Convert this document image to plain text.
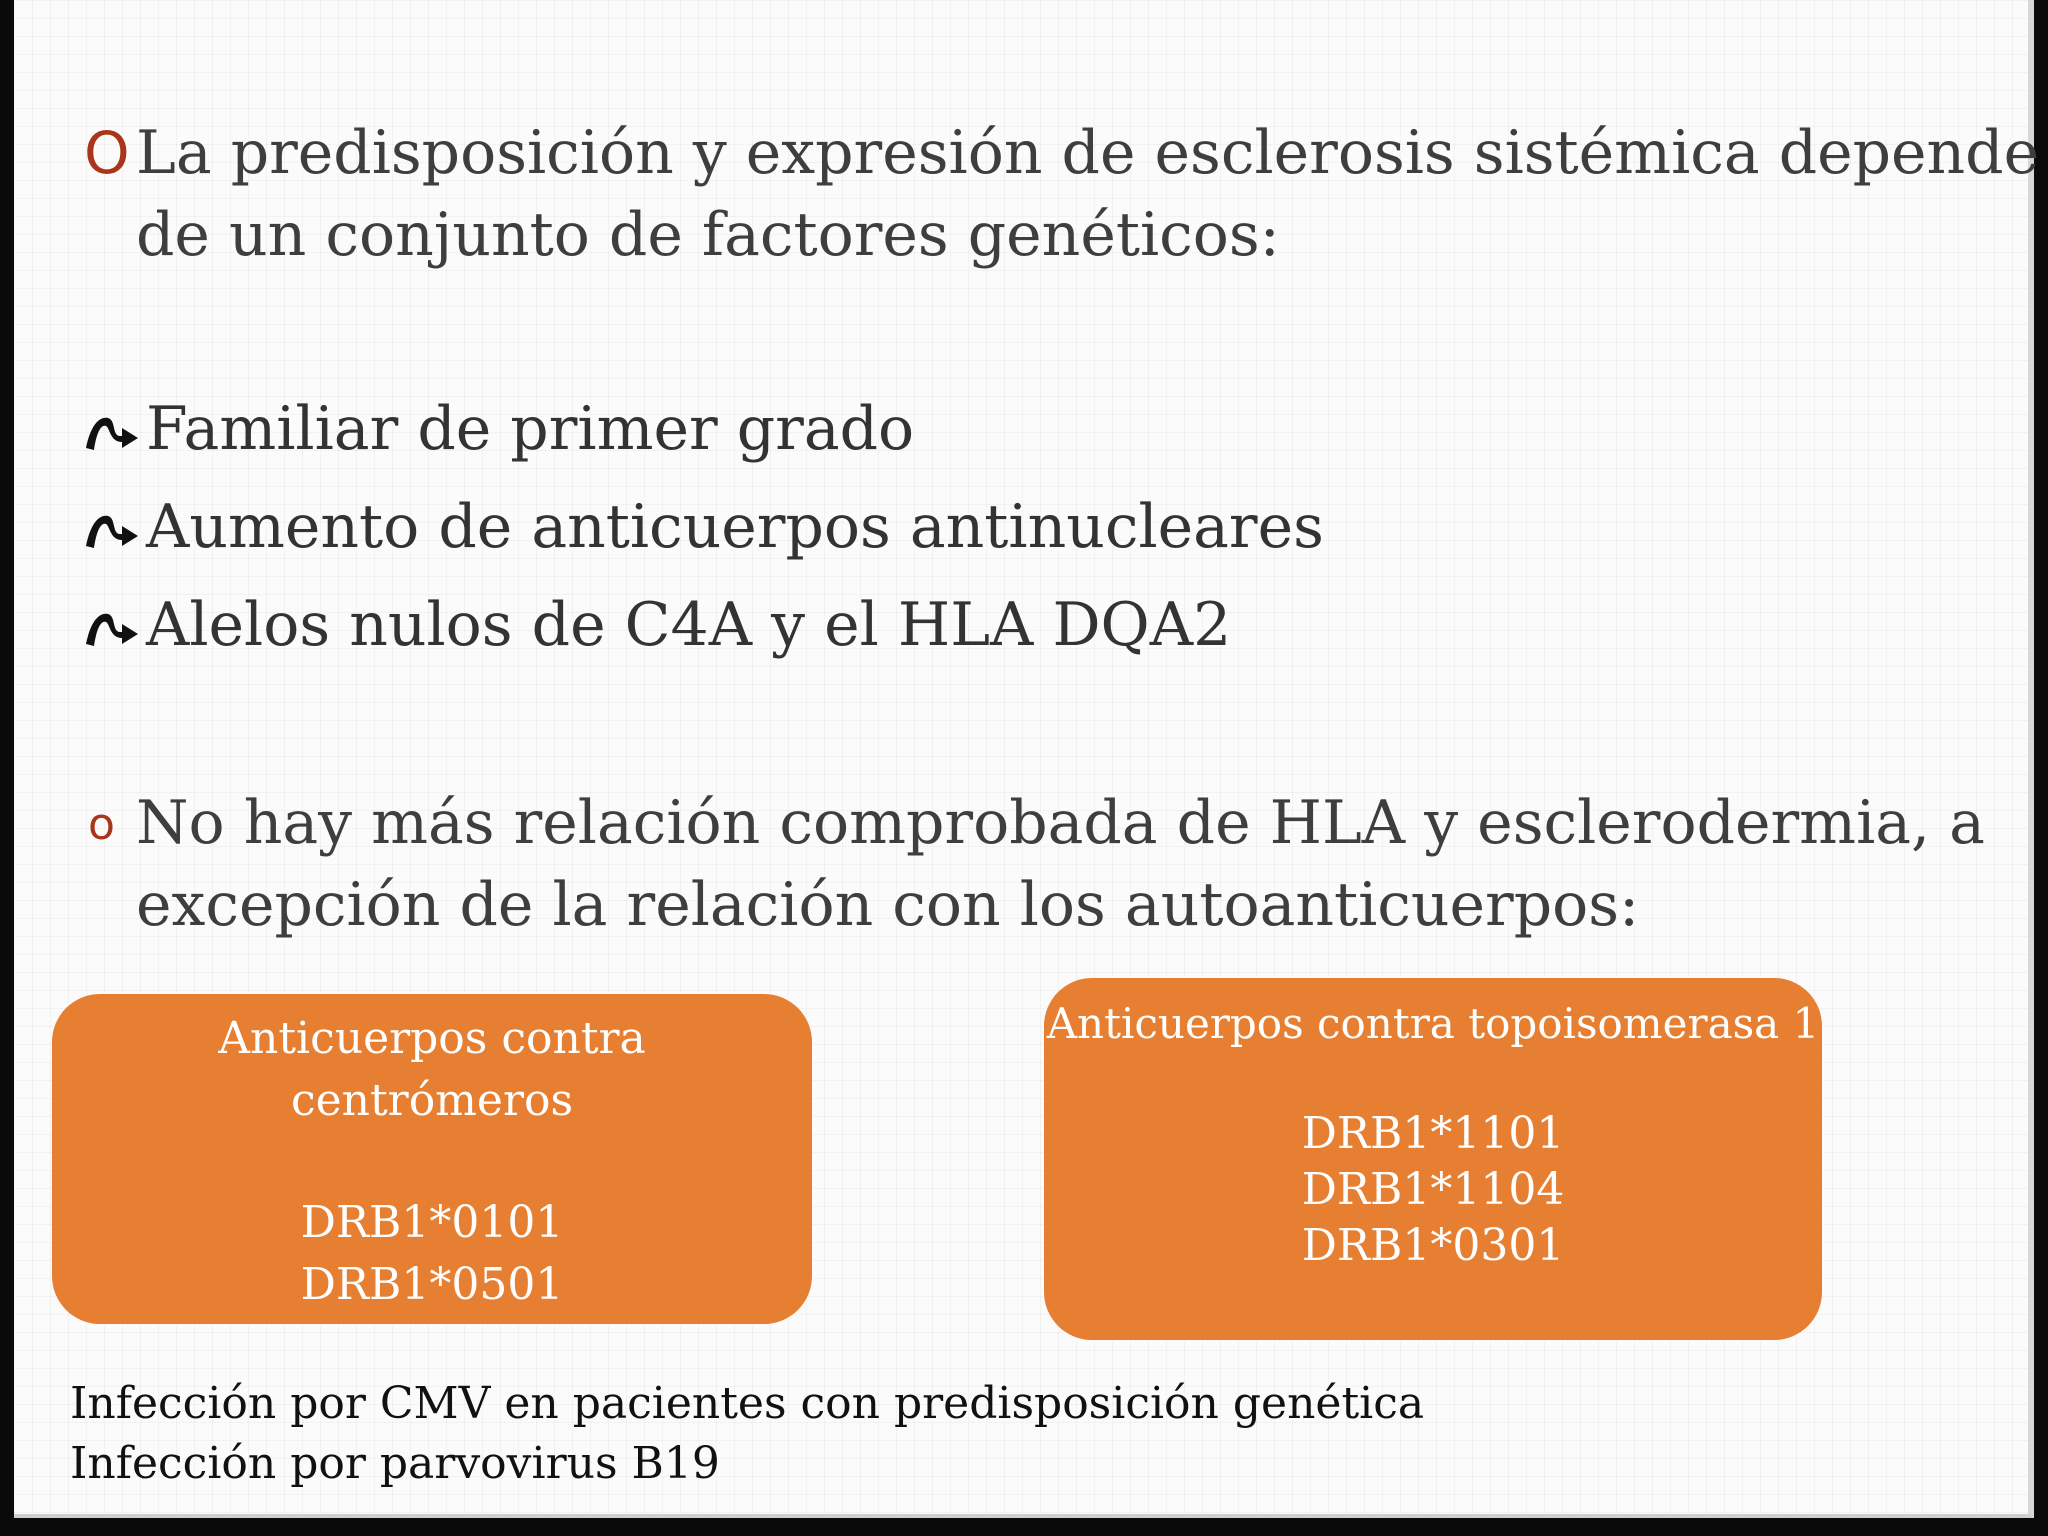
O La predisposición y expresión de esclerosis sistémica depende
de un conjunto de factores genéticos:
Familiar de primer grado
Aumento de anticuerpos antinucleares
Alelos nulos de C4A y el HLA DQA2
o No hay más relación comprobada de HLA y esclerodermia, a
excepción de la relación con los autoanticuerpos:
Anticuerpos contra
centrómeros
DRB1*0101
DRB1*0501
Anticuerpos contra topoisomerasa 1
DRB1*1101
DRB1*1104
DRB1*0301
Infección por CMV en pacientes con predisposición genética
Infección por parvovirus B19
